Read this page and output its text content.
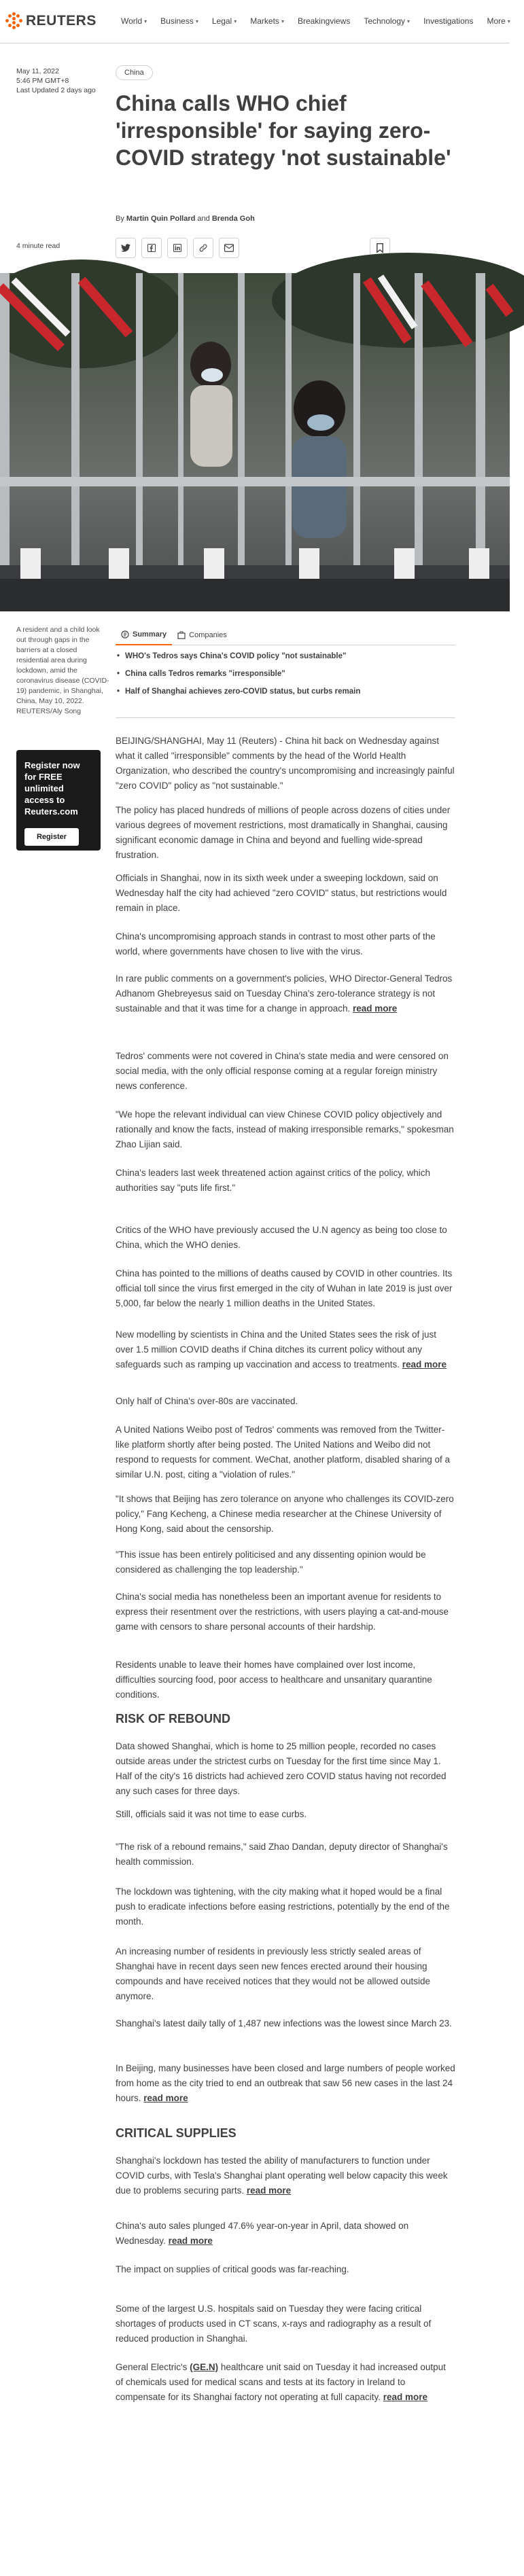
REUTERS	World ▾ Business ▾ Legal ▾ Markets ▾ Breakingviews Technology ▾ Investigations More ▾
May 11, 2022
5:46 PM GMT+8
Last Updated 2 days ago
4 minute read
China
China calls WHO chief 'irresponsible' for saying zero-COVID strategy 'not sustainable'
By Martin Quin Pollard and Brenda Goh
A resident and a child look out through gaps in the barriers at a closed residential area during lockdown, amid the coronavirus disease (COVID-19) pandemic, in Shanghai, China, May 10, 2022. REUTERS/Aly Song
Register now for FREE unlimited access to Reuters.com
Register
Summary	Companies
• WHO's Tedros says China's COVID policy "not sustainable"
• China calls Tedros remarks "irresponsible"
• Half of Shanghai achieves zero-COVID status, but curbs remain

BEIJING/SHANGHAI, May 11 (Reuters) - China hit back on Wednesday against what it called "irresponsible" comments by the head of the World Health Organization, who described the country's uncompromising and increasingly painful "zero COVID" policy as "not sustainable."

The policy has placed hundreds of millions of people across dozens of cities under various degrees of movement restrictions, most dramatically in Shanghai, causing significant economic damage in China and beyond and fuelling wide-spread frustration.

Officials in Shanghai, now in its sixth week under a sweeping lockdown, said on Wednesday half the city had achieved "zero COVID" status, but restrictions would remain in place.

China's uncompromising approach stands in contrast to most other parts of the world, where governments have chosen to live with the virus.

In rare public comments on a government's policies, WHO Director-General Tedros Adhanom Ghebreyesus said on Tuesday China's zero-tolerance strategy is not sustainable and that it was time for a change in approach. read more

Tedros' comments were not covered in China's state media and were censored on social media, with the only official response coming at a regular foreign ministry news conference.

"We hope the relevant individual can view Chinese COVID policy objectively and rationally and know the facts, instead of making irresponsible remarks," spokesman Zhao Lijian said.

China's leaders last week threatened action against critics of the policy, which authorities say "puts life first."

Critics of the WHO have previously accused the U.N agency as being too close to China, which the WHO denies.

China has pointed to the millions of deaths caused by COVID in other countries. Its official toll since the virus first emerged in the city of Wuhan in late 2019 is just over 5,000, far below the nearly 1 million deaths in the United States.

New modelling by scientists in China and the United States sees the risk of just over 1.5 million COVID deaths if China ditches its current policy without any safeguards such as ramping up vaccination and access to treatments. read more

Only half of China's over-80s are vaccinated.

A United Nations Weibo post of Tedros' comments was removed from the Twitter-like platform shortly after being posted. The United Nations and Weibo did not respond to requests for comment. WeChat, another platform, disabled sharing of a similar U.N. post, citing a "violation of rules."

"It shows that Beijing has zero tolerance on anyone who challenges its COVID-zero policy," Fang Kecheng, a Chinese media researcher at the Chinese University of Hong Kong, said about the censorship.

"This issue has been entirely politicised and any dissenting opinion would be considered as challenging the top leadership."

China's social media has nonetheless been an important avenue for residents to express their resentment over the restrictions, with users playing a cat-and-mouse game with censors to share personal accounts of their hardship.

Residents unable to leave their homes have complained over lost income, difficulties sourcing food, poor access to healthcare and unsanitary quarantine conditions.

RISK OF REBOUND

Data showed Shanghai, which is home to 25 million people, recorded no cases outside areas under the strictest curbs on Tuesday for the first time since May 1. Half of the city's 16 districts had achieved zero COVID status having not recorded any such cases for three days.

Still, officials said it was not time to ease curbs.

"The risk of a rebound remains," said Zhao Dandan, deputy director of Shanghai's health commission.

The lockdown was tightening, with the city making what it hoped would be a final push to eradicate infections before easing restrictions, potentially by the end of the month.

An increasing number of residents in previously less strictly sealed areas of Shanghai have in recent days seen new fences erected around their housing compounds and have received notices that they would not be allowed outside anymore.

Shanghai's latest daily tally of 1,487 new infections was the lowest since March 23.

In Beijing, many businesses have been closed and large numbers of people worked from home as the city tried to end an outbreak that saw 56 new cases in the last 24 hours. read more

CRITICAL SUPPLIES

Shanghai's lockdown has tested the ability of manufacturers to function under COVID curbs, with Tesla's Shanghai plant operating well below capacity this week due to problems securing parts. read more

China's auto sales plunged 47.6% year-on-year in April, data showed on Wednesday. read more

The impact on supplies of critical goods was far-reaching.

Some of the largest U.S. hospitals said on Tuesday they were facing critical shortages of products used in CT scans, x-rays and radiography as a result of reduced production in Shanghai.

General Electric's (GE.N) healthcare unit said on Tuesday it had increased output of chemicals used for medical scans and tests at its factory in Ireland to compensate for its Shanghai factory not operating at full capacity. read more
